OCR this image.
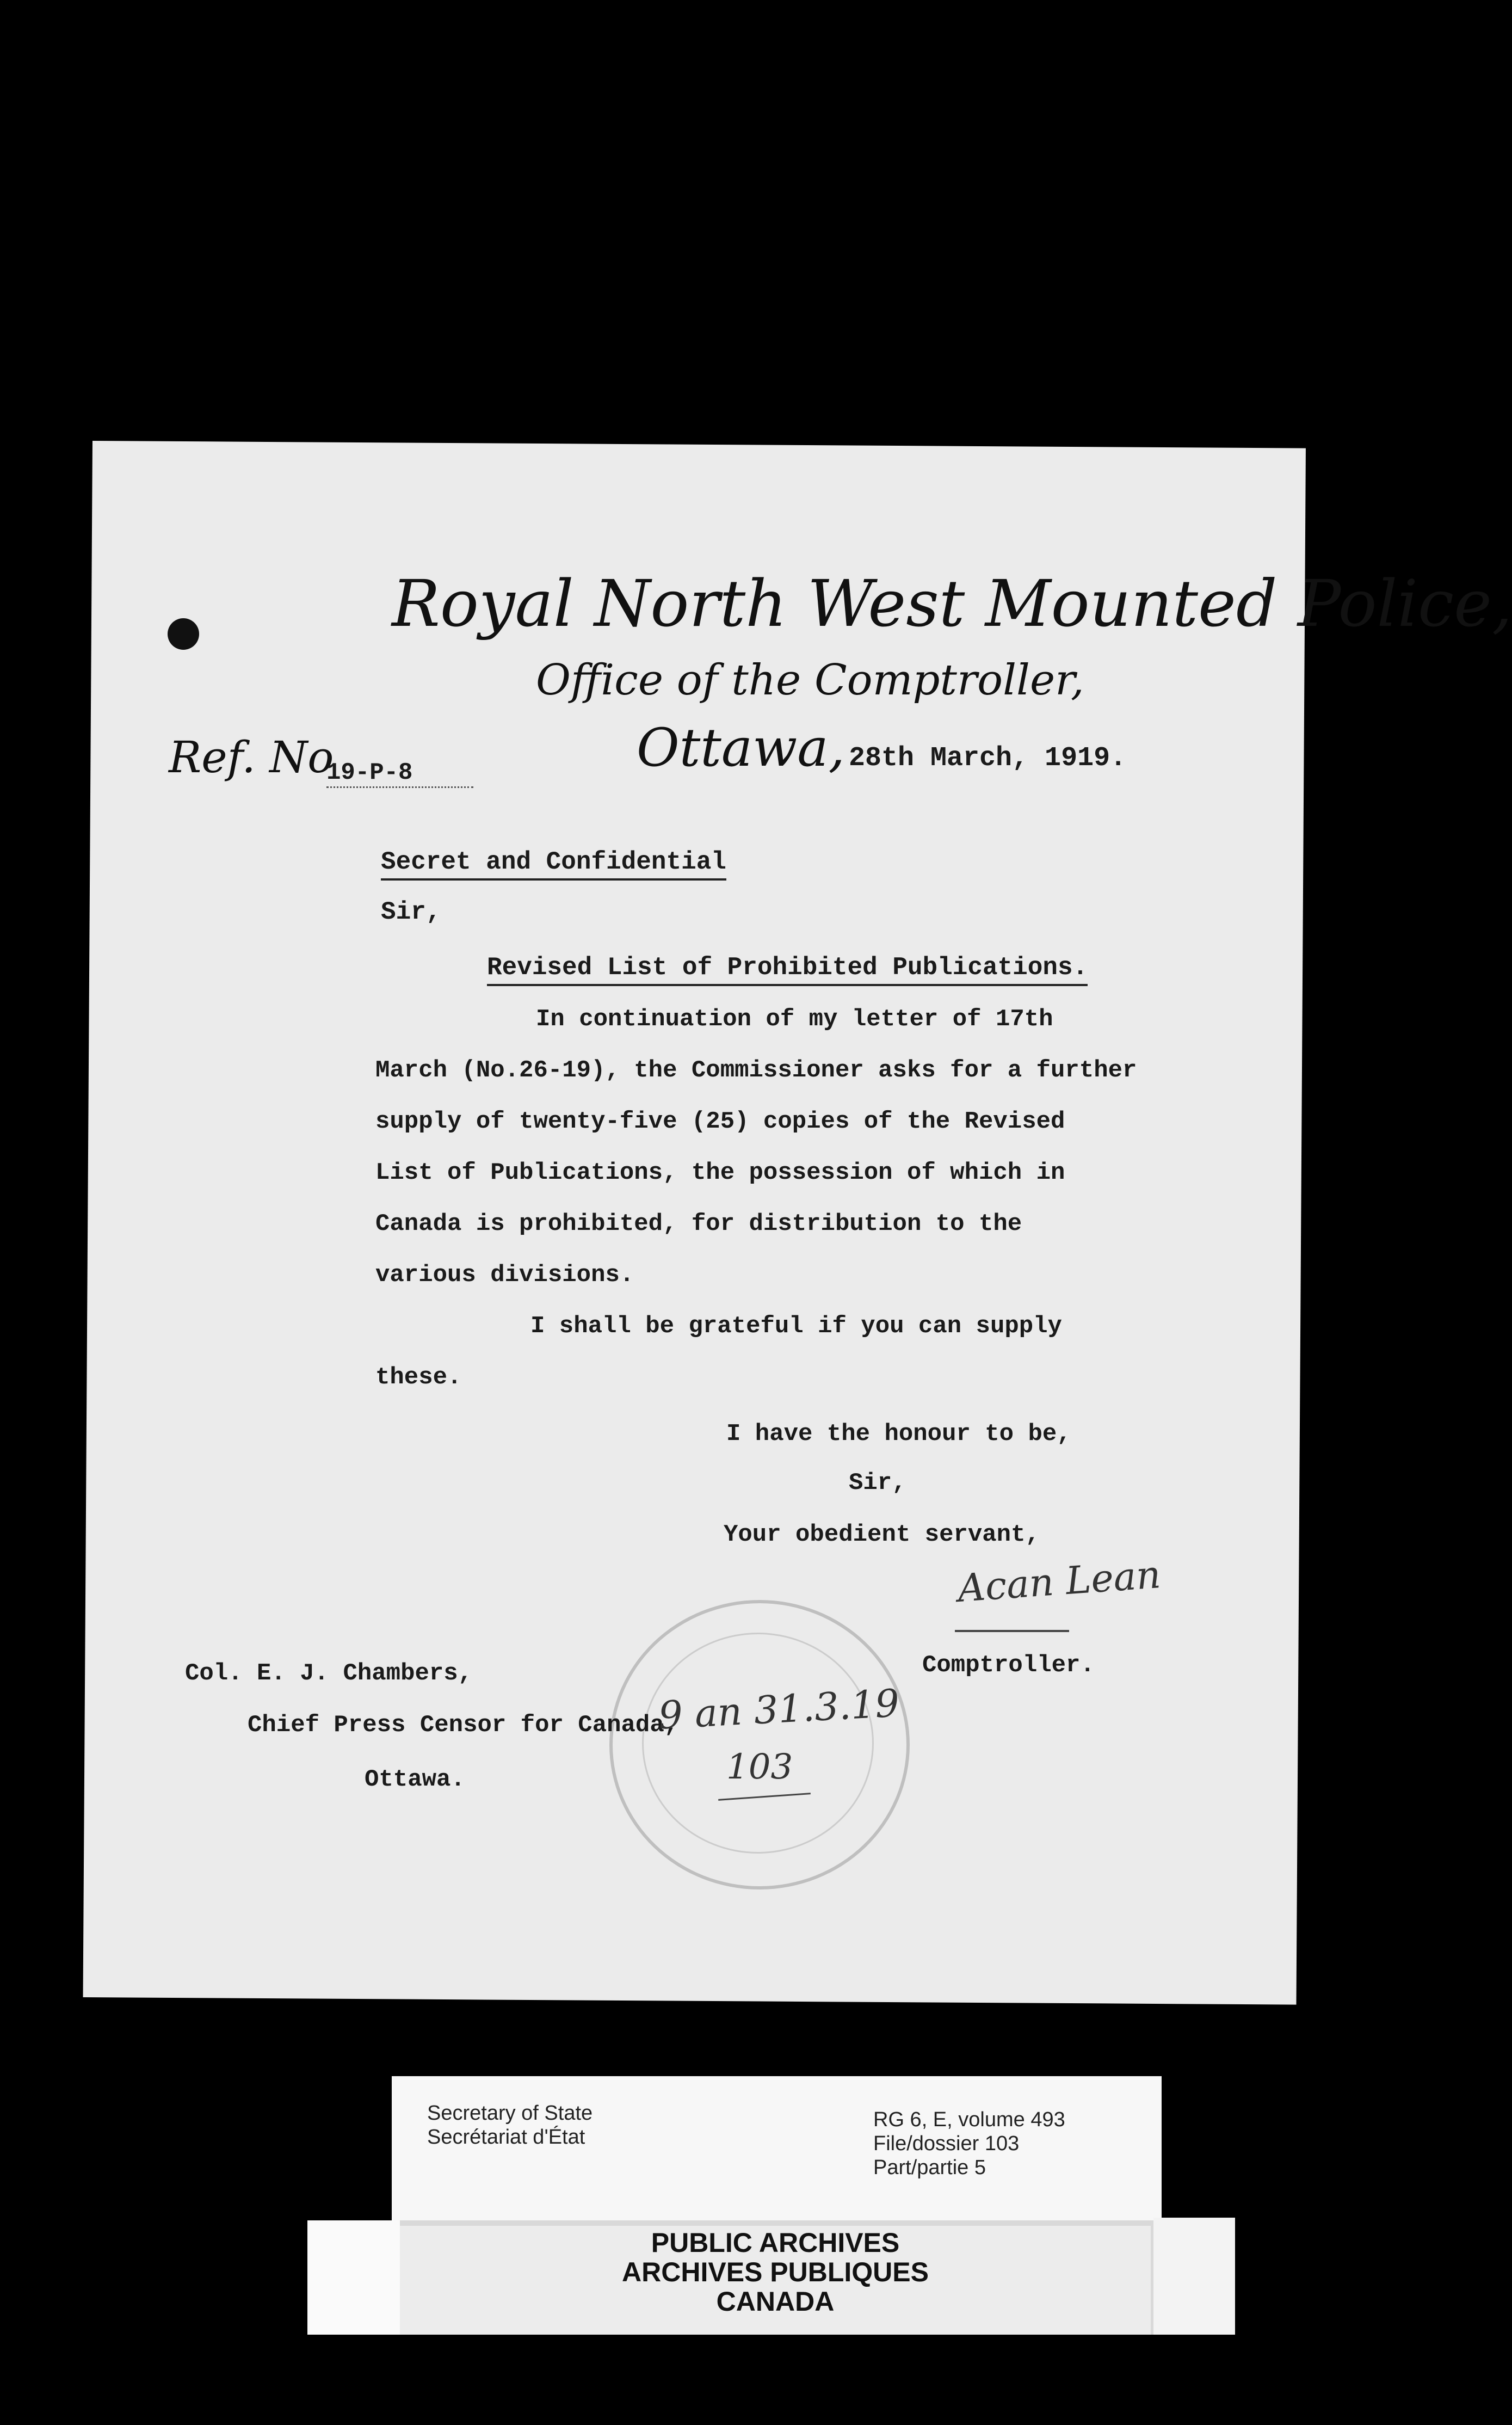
Royal North West Mounted Police,
Office of the Comptroller,
Ottawa, 28th March, 1919.
Ref. No
19-P-8
Secret and Confidential
Sir,
Revised List of Prohibited Publications.
In continuation of my letter of 17th
March (No.26-19), the Commissioner asks for a further
supply of twenty-five (25) copies of the Revised
List of Publications, the possession of which in
Canada is prohibited, for distribution to the
various divisions.
I shall be grateful if you can supply
these.
I have the honour to be,
Sir,
Your obedient servant,
Acan Lean
Comptroller.
Col. E. J. Chambers,
Chief Press Censor for Canada,
Ottawa.
9 an 31.3.19
103
Secretary of State
Secrétariat d'État
RG 6, E, volume 493
File/dossier 103
Part/partie 5
PUBLIC ARCHIVES
ARCHIVES PUBLIQUES
CANADA
